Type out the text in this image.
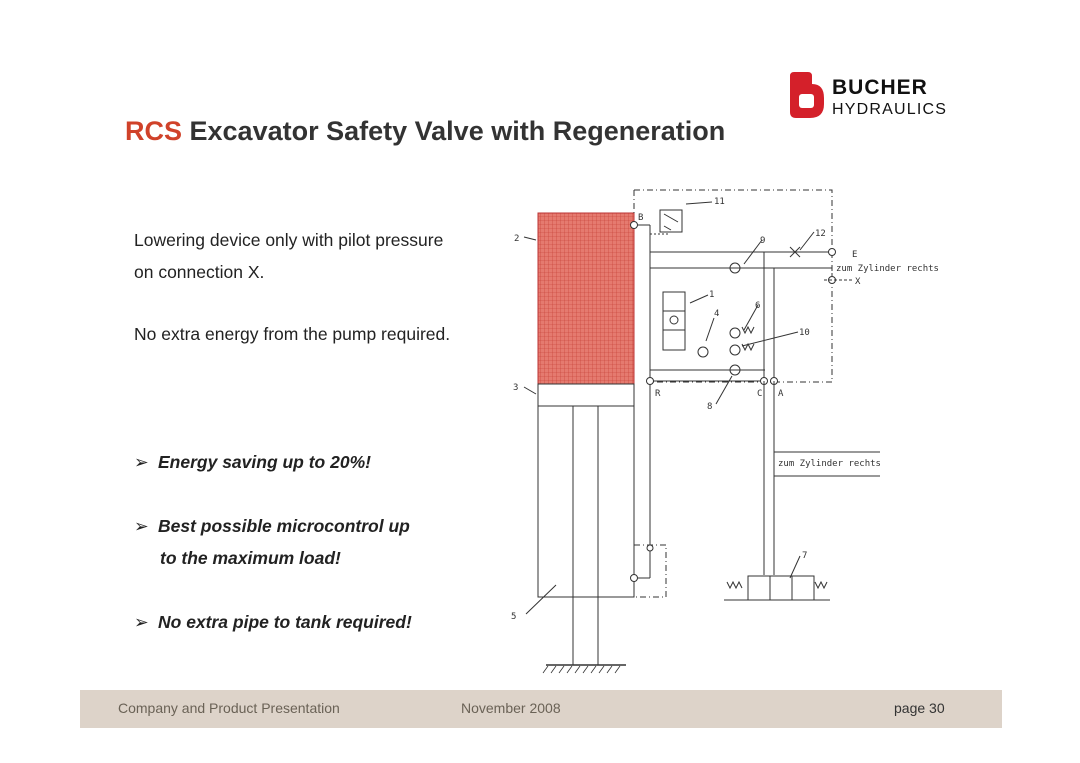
BUCHER
HYDRAULICS
RCS Excavator Safety Valve with Regeneration
Lowering device only with pilot pressure on connection X.
No extra energy from the pump required.
➢ Energy saving up to 20%!
➢ Best possible microcontrol up
to the maximum load!
➢ No extra pipe to tank required!
2
3
5
B
11
9
12
E
zum Zylinder rechts
X
1
4
6
10
R	C A
8
zum Zylinder rechts
7
Company and Product Presentation	November 2008	page 30
